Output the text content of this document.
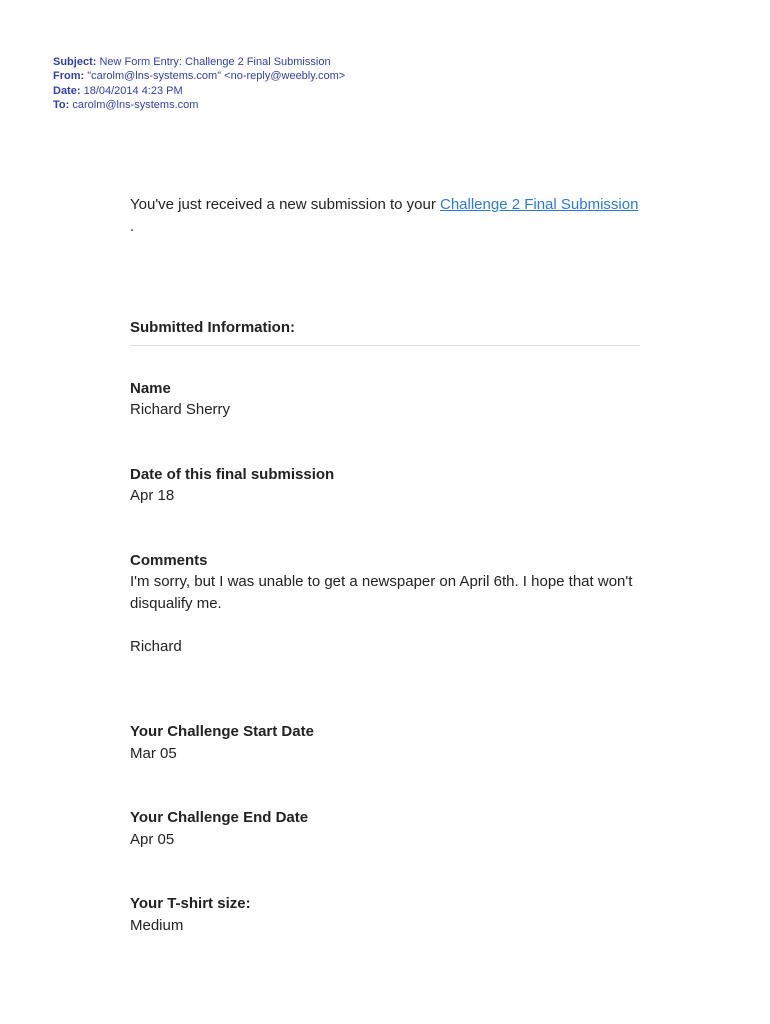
Subject: New Form Entry: Challenge 2 Final Submission
From: "carolm@lns-systems.com" <no-reply@weebly.com>
Date: 18/04/2014 4:23 PM
To: carolm@lns-systems.com

You've just received a new submission to your Challenge 2 Final Submission .

Submitted Information:
Name
Richard Sherry
Date of this final submission
Apr 18
Comments
I'm sorry, but I was unable to get a newspaper on April 6th. I hope that won't disqualify me.

Richard
Your Challenge Start Date
Mar 05
Your Challenge End Date
Apr 05
Your T-shirt size:
Medium
